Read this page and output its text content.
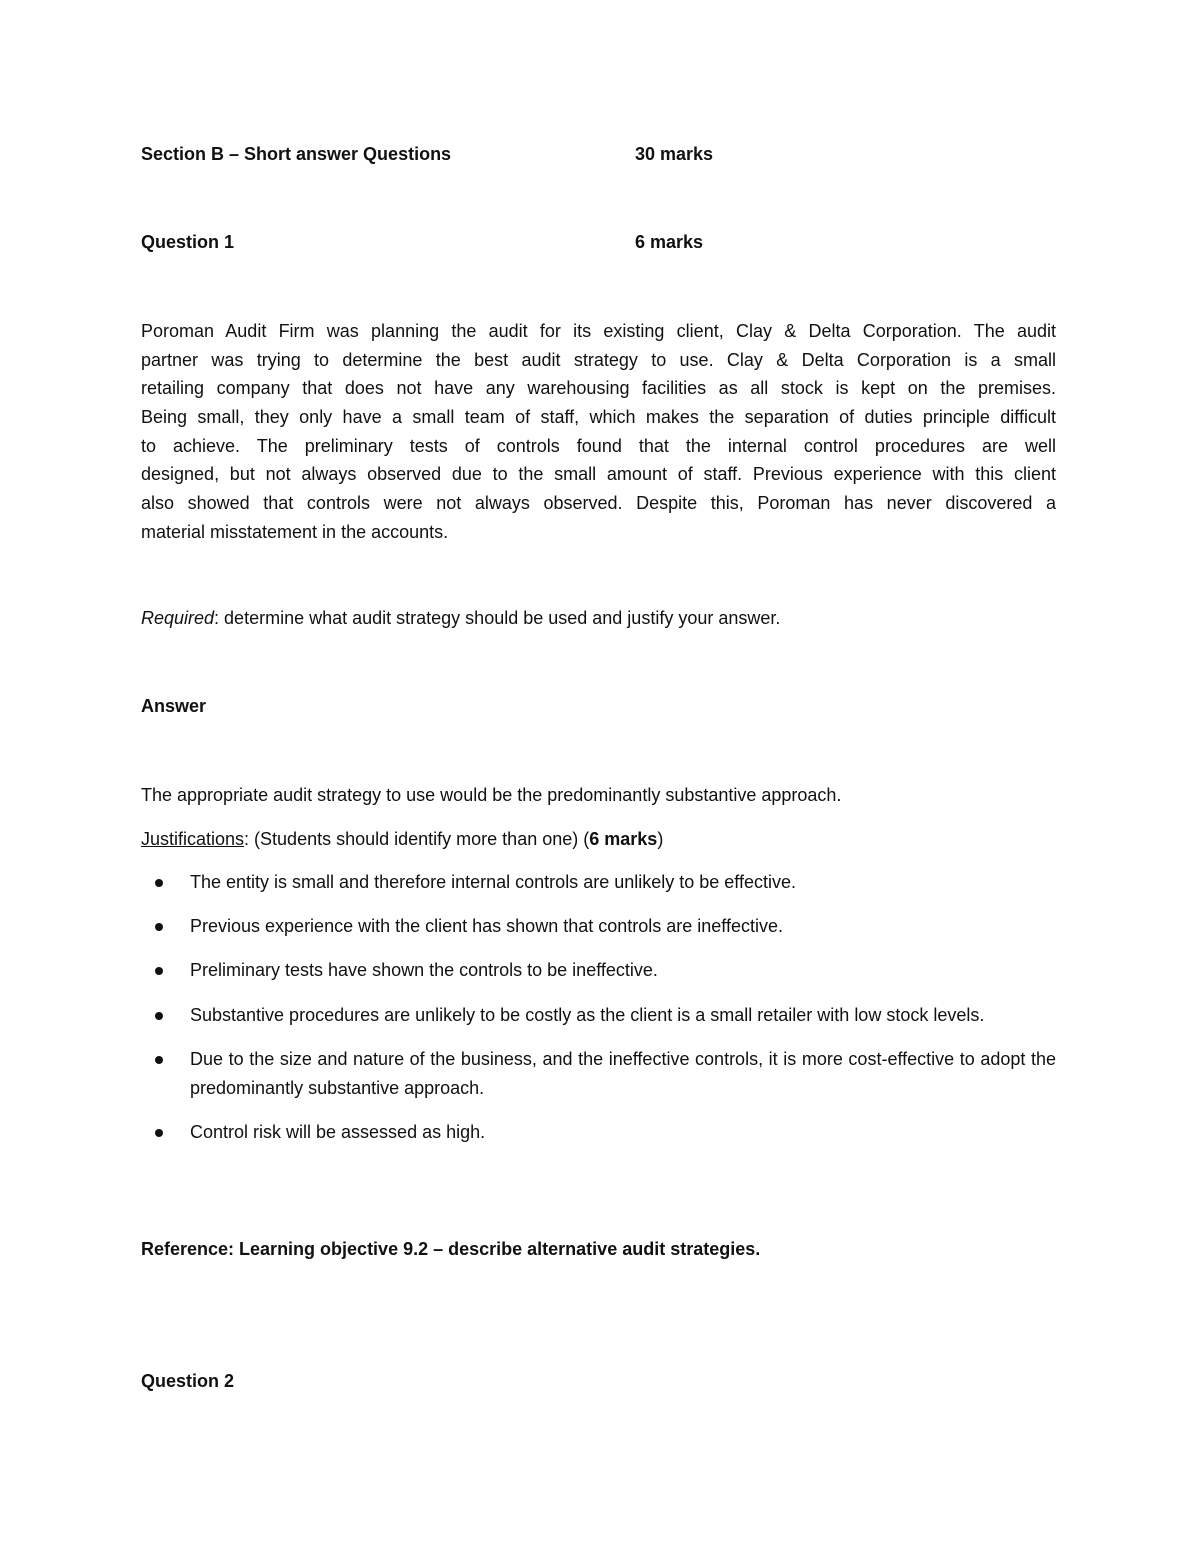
Section B – Short answer Questions	30 marks
Question 1	6 marks
Poroman Audit Firm was planning the audit for its existing client, Clay & Delta Corporation. The audit
partner was trying to determine the best audit strategy to use. Clay & Delta Corporation is a small
retailing company that does not have any warehousing facilities as all stock is kept on the premises.
Being small, they only have a small team of staff, which makes the separation of duties principle difficult
to achieve. The preliminary tests of controls found that the internal control procedures are well
designed, but not always observed due to the small amount of staff. Previous experience with this client
also showed that controls were not always observed. Despite this, Poroman has never discovered a
material misstatement in the accounts.
Required: determine what audit strategy should be used and justify your answer.
Answer
The appropriate audit strategy to use would be the predominantly substantive approach.
Justifications: (Students should identify more than one) (6 marks)
The entity is small and therefore internal controls are unlikely to be effective.
Previous experience with the client has shown that controls are ineffective.
Preliminary tests have shown the controls to be ineffective.
Substantive procedures are unlikely to be costly as the client is a small retailer with low stock levels.
Due to the size and nature of the business, and the ineffective controls, it is more cost-effective to adopt the predominantly substantive approach.
Control risk will be assessed as high.
Reference: Learning objective 9.2 – describe alternative audit strategies.
Question 2
